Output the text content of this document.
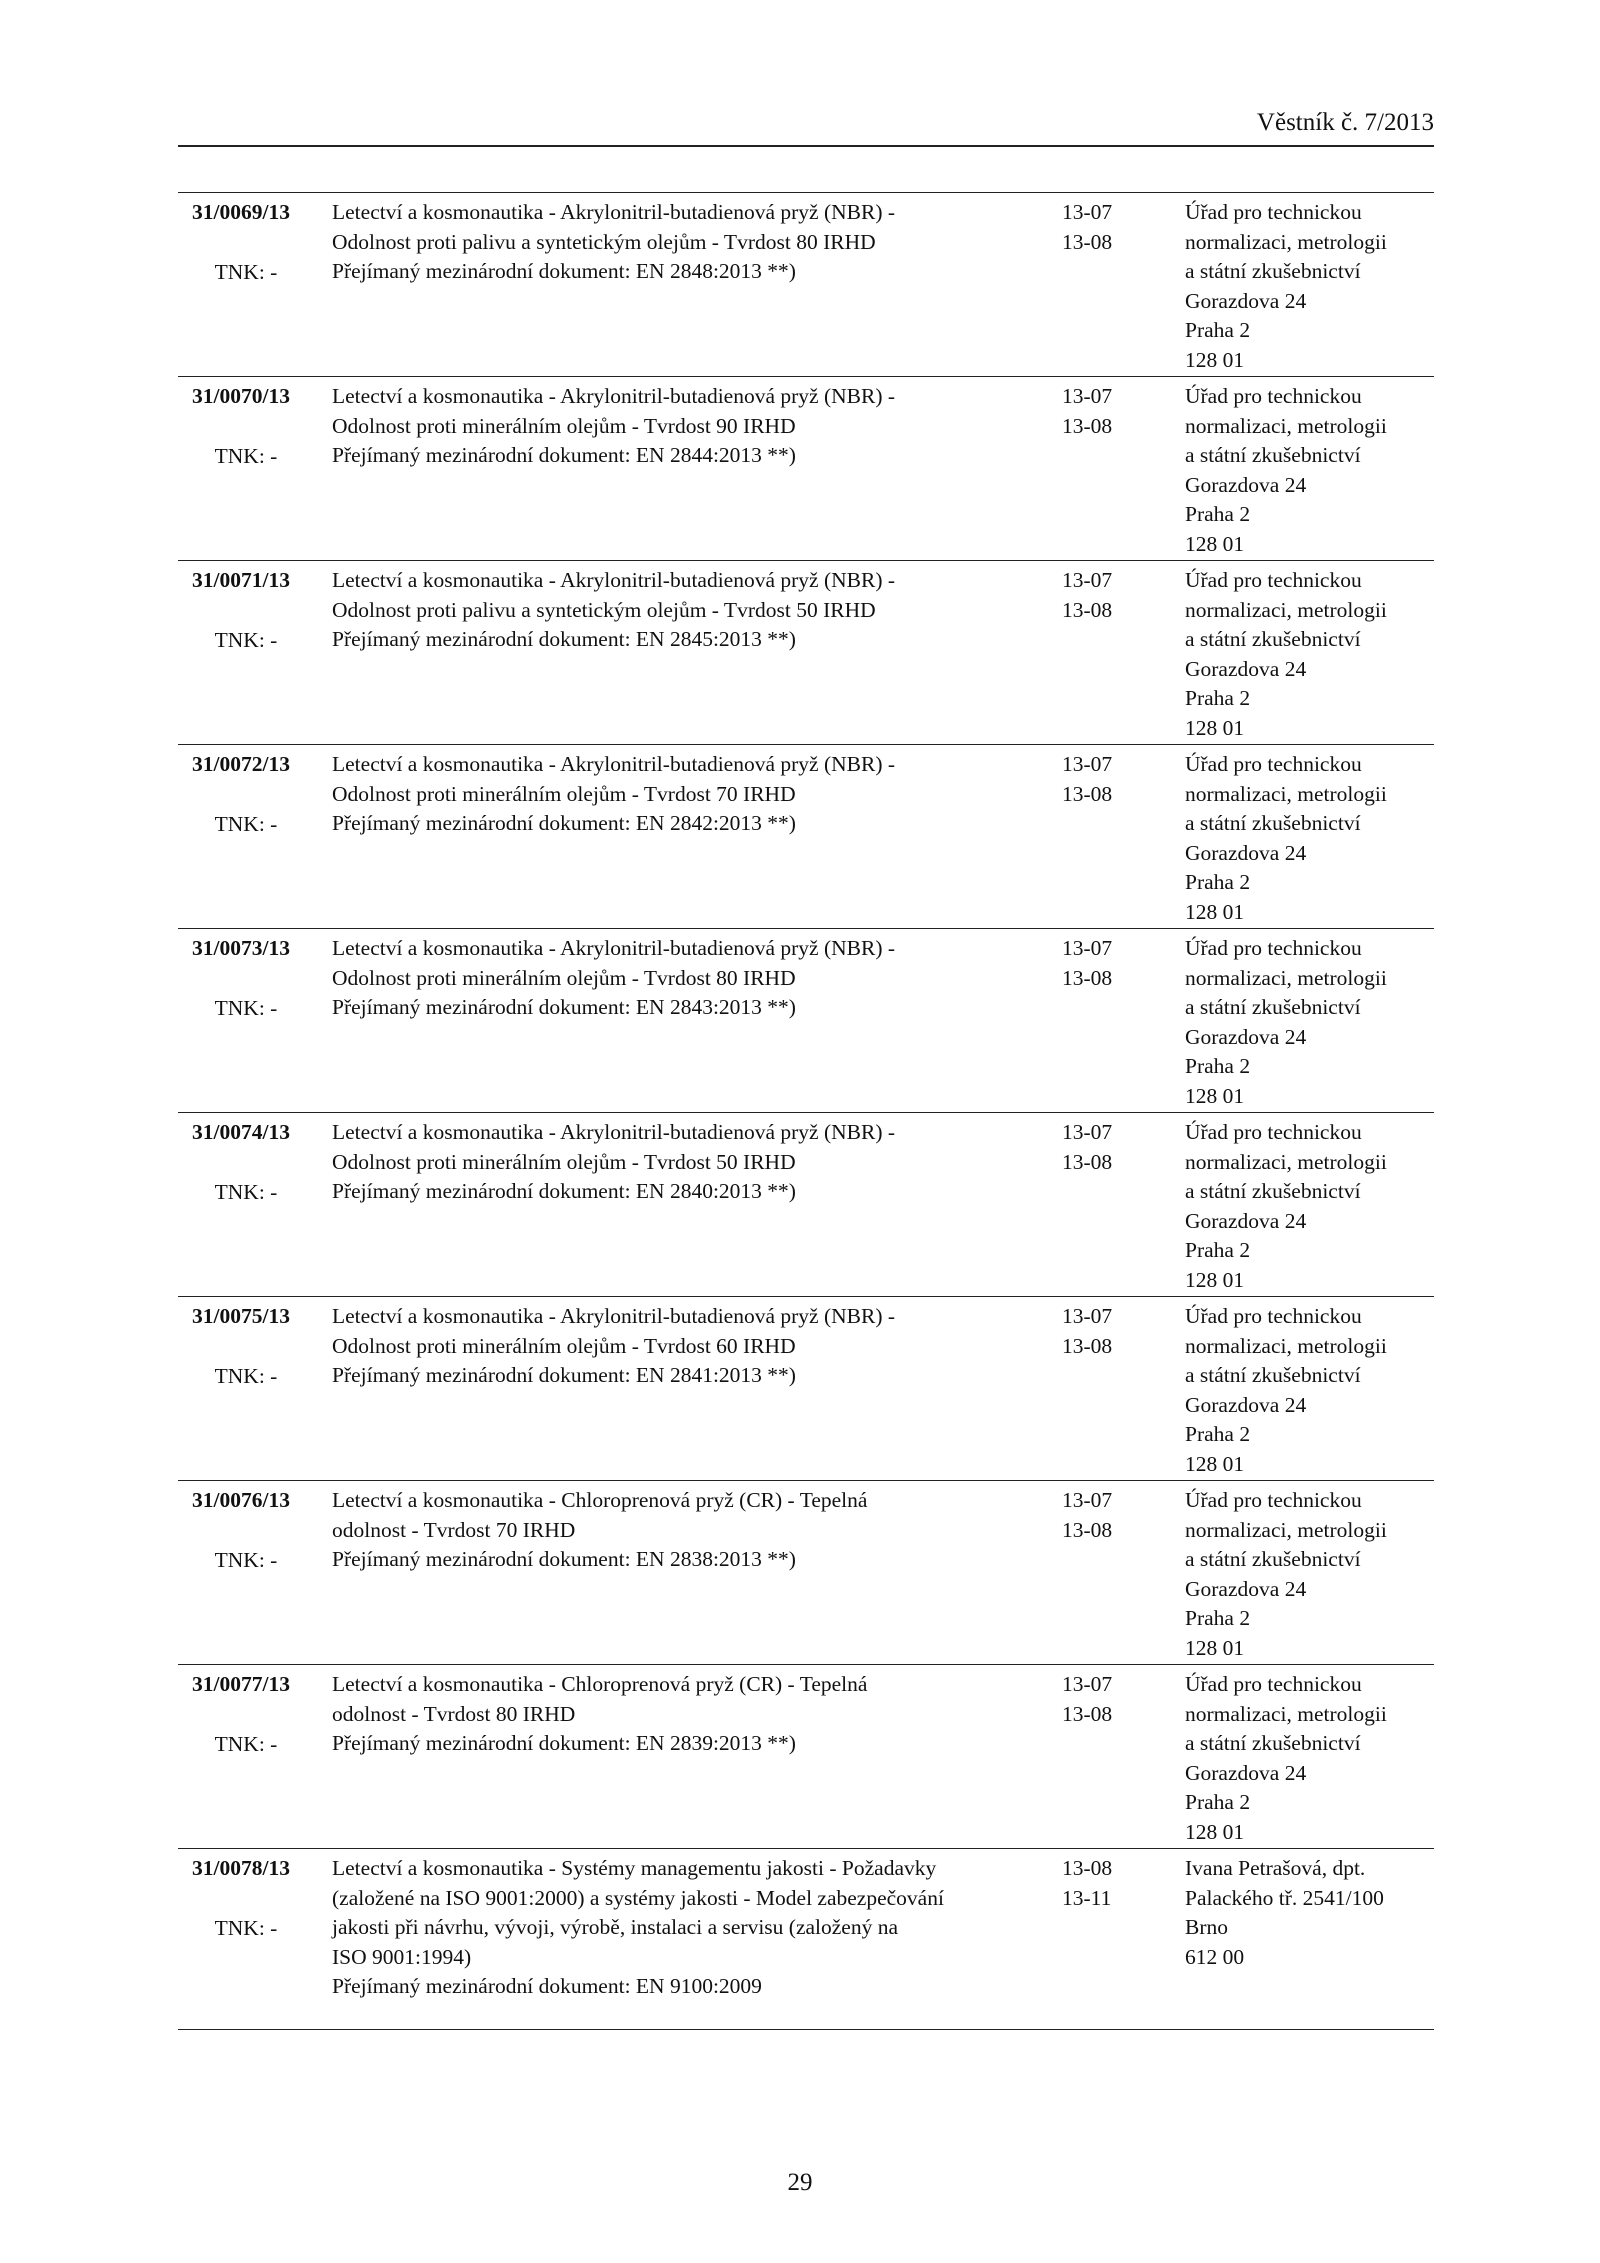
Věstník č. 7/2013
31/0069/13
TNK: -
Letectví a kosmonautika - Akrylonitril-butadienová pryž (NBR) -
Odolnost proti palivu a syntetickým olejům - Tvrdost 80 IRHD
Přejímaný mezinárodní dokument: EN 2848:2013 **)
13-07
13-08
Úřad pro technickou
normalizaci, metrologii
a státní zkušebnictví
Gorazdova 24
Praha 2
128 01
31/0070/13
TNK: -
Letectví a kosmonautika - Akrylonitril-butadienová pryž (NBR) -
Odolnost proti minerálním olejům - Tvrdost 90 IRHD
Přejímaný mezinárodní dokument: EN 2844:2013 **)
13-07
13-08
Úřad pro technickou
normalizaci, metrologii
a státní zkušebnictví
Gorazdova 24
Praha 2
128 01
31/0071/13
TNK: -
Letectví a kosmonautika - Akrylonitril-butadienová pryž (NBR) -
Odolnost proti palivu a syntetickým olejům - Tvrdost 50 IRHD
Přejímaný mezinárodní dokument: EN 2845:2013 **)
13-07
13-08
Úřad pro technickou
normalizaci, metrologii
a státní zkušebnictví
Gorazdova 24
Praha 2
128 01
31/0072/13
TNK: -
Letectví a kosmonautika - Akrylonitril-butadienová pryž (NBR) -
Odolnost proti minerálním olejům - Tvrdost 70 IRHD
Přejímaný mezinárodní dokument: EN 2842:2013 **)
13-07
13-08
Úřad pro technickou
normalizaci, metrologii
a státní zkušebnictví
Gorazdova 24
Praha 2
128 01
31/0073/13
TNK: -
Letectví a kosmonautika - Akrylonitril-butadienová pryž (NBR) -
Odolnost proti minerálním olejům - Tvrdost 80 IRHD
Přejímaný mezinárodní dokument: EN 2843:2013 **)
13-07
13-08
Úřad pro technickou
normalizaci, metrologii
a státní zkušebnictví
Gorazdova 24
Praha 2
128 01
31/0074/13
TNK: -
Letectví a kosmonautika - Akrylonitril-butadienová pryž (NBR) -
Odolnost proti minerálním olejům - Tvrdost 50 IRHD
Přejímaný mezinárodní dokument: EN 2840:2013 **)
13-07
13-08
Úřad pro technickou
normalizaci, metrologii
a státní zkušebnictví
Gorazdova 24
Praha 2
128 01
31/0075/13
TNK: -
Letectví a kosmonautika - Akrylonitril-butadienová pryž (NBR) -
Odolnost proti minerálním olejům - Tvrdost 60 IRHD
Přejímaný mezinárodní dokument: EN 2841:2013 **)
13-07
13-08
Úřad pro technickou
normalizaci, metrologii
a státní zkušebnictví
Gorazdova 24
Praha 2
128 01
31/0076/13
TNK: -
Letectví a kosmonautika - Chloroprenová pryž (CR) - Tepelná
odolnost - Tvrdost 70 IRHD
Přejímaný mezinárodní dokument: EN 2838:2013 **)
13-07
13-08
Úřad pro technickou
normalizaci, metrologii
a státní zkušebnictví
Gorazdova 24
Praha 2
128 01
31/0077/13
TNK: -
Letectví a kosmonautika - Chloroprenová pryž (CR) - Tepelná
odolnost - Tvrdost 80 IRHD
Přejímaný mezinárodní dokument: EN 2839:2013 **)
13-07
13-08
Úřad pro technickou
normalizaci, metrologii
a státní zkušebnictví
Gorazdova 24
Praha 2
128 01
31/0078/13
TNK: -
Letectví a kosmonautika - Systémy managementu jakosti - Požadavky
(založené na ISO 9001:2000) a systémy jakosti - Model zabezpečování
jakosti při návrhu, vývoji, výrobě, instalaci a servisu (založený na
ISO 9001:1994)
Přejímaný mezinárodní dokument: EN 9100:2009
13-08
13-11
Ivana Petrašová, dpt.
Palackého tř. 2541/100
Brno
612 00
29
